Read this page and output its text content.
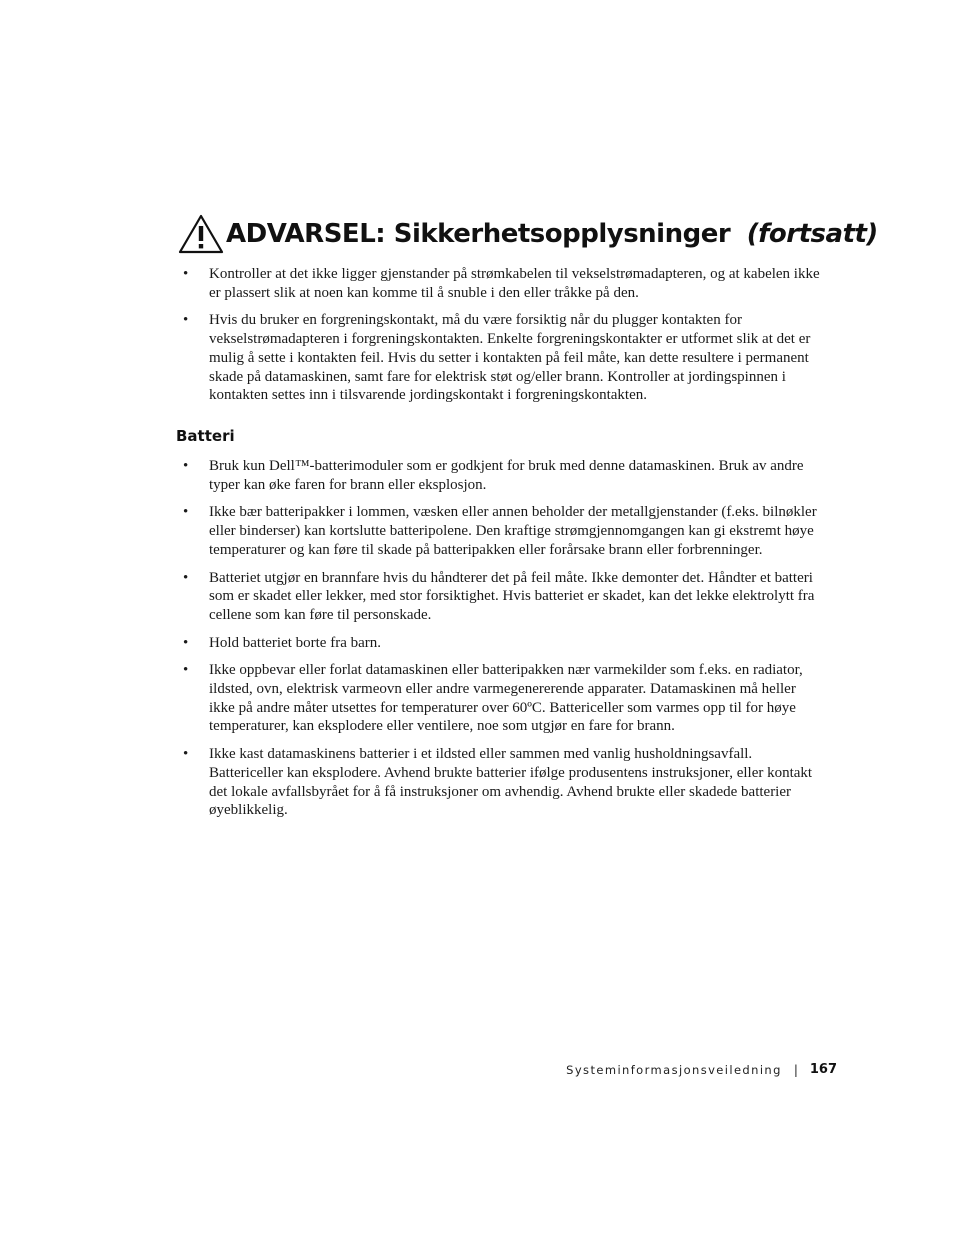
ADVARSEL: Sikkerhetsopplysninger (fortsatt)
• Kontroller at det ikke ligger gjenstander på strømkabelen til vekselstrømadapteren, og at kabelen ikke er plassert slik at noen kan komme til å snuble i den eller tråkke på den.
• Hvis du bruker en forgreningskontakt, må du være forsiktig når du plugger kontakten for vekselstrømadapteren i forgreningskontakten. Enkelte forgreningskontakter er utformet slik at det er mulig å sette i kontakten feil. Hvis du setter i kontakten på feil måte, kan dette resultere i permanent skade på datamaskinen, samt fare for elektrisk støt og/eller brann. Kontroller at jordingspinnen i kontakten settes inn i tilsvarende jordingskontakt i forgreningskontakten.
Batteri
• Bruk kun Dell™-batterimoduler som er godkjent for bruk med denne datamaskinen. Bruk av andre typer kan øke faren for brann eller eksplosjon.
• Ikke bær batteripakker i lommen, væsken eller annen beholder der metallgjenstander (f.eks. bilnøkler eller binderser) kan kortslutte batteripolene. Den kraftige strømgjennomgangen kan gi ekstremt høye temperaturer og kan føre til skade på batteripakken eller forårsake brann eller forbrenninger.
• Batteriet utgjør en brannfare hvis du håndterer det på feil måte. Ikke demonter det. Håndter et batteri som er skadet eller lekker, med stor forsiktighet. Hvis batteriet er skadet, kan det lekke elektrolytt fra cellene som kan føre til personskade.
• Hold batteriet borte fra barn.
• Ikke oppbevar eller forlat datamaskinen eller batteripakken nær varmekilder som f.eks. en radiator, ildsted, ovn, elektrisk varmeovn eller andre varmegenererende apparater. Datamaskinen må heller ikke på andre måter utsettes for temperaturer over 60ºC. Battericeller som varmes opp til for høye temperaturer, kan eksplodere eller ventilere, noe som utgjør en fare for brann.
• Ikke kast datamaskinens batterier i et ildsted eller sammen med vanlig husholdningsavfall. Battericeller kan eksplodere. Avhend brukte batterier ifølge produsentens instruksjoner, eller kontakt det lokale avfallsbyrået for å få instruksjoner om avhendig. Avhend brukte eller skadede batterier øyeblikkelig.
Systeminformasjonsveiledning | 167
